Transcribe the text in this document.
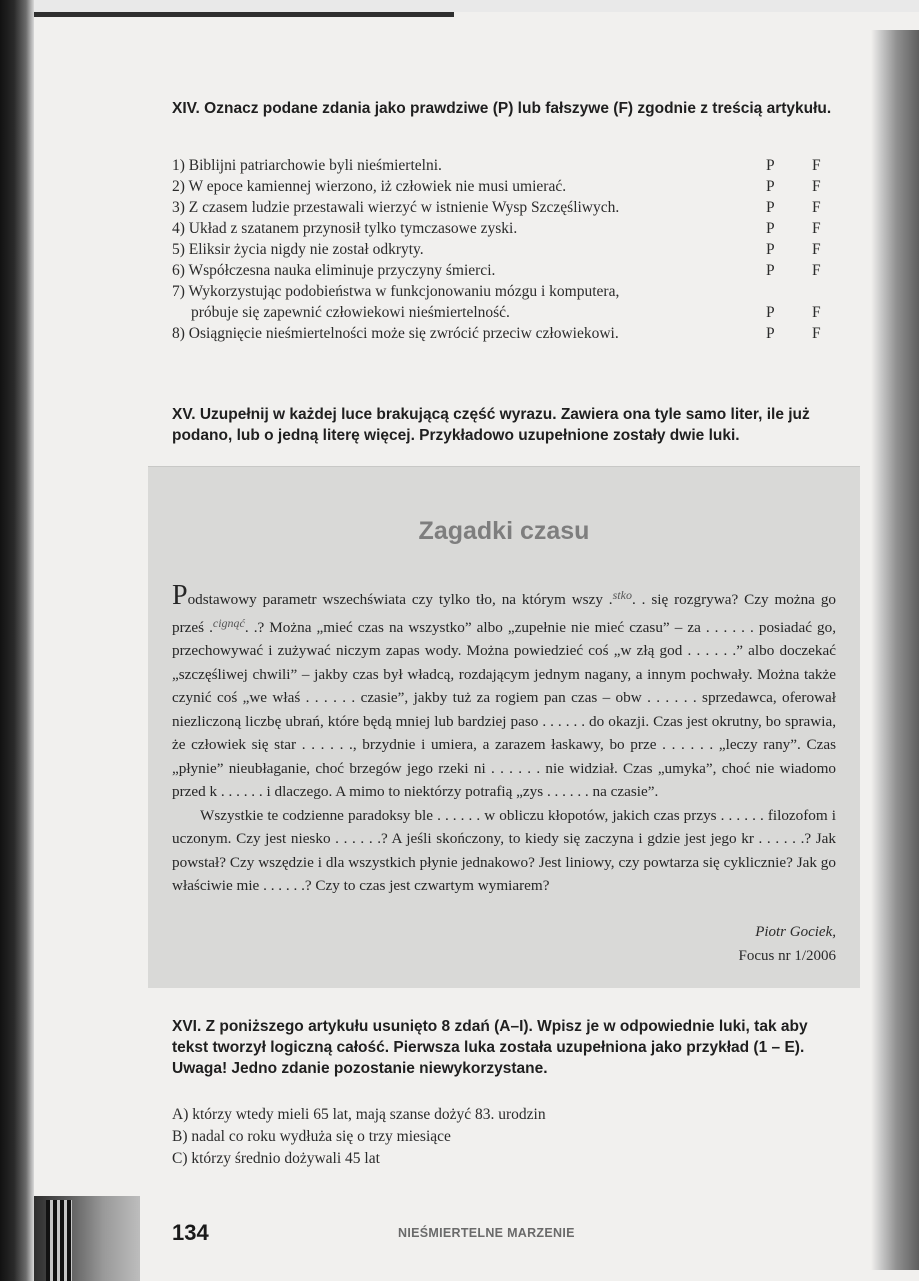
XIV. Oznacz podane zdania jako prawdziwe (P) lub fałszywe (F) zgodnie z treścią artykułu.
1) Biblijni patriarchowie byli nieśmiertelni.	P F
2) W epoce kamiennej wierzono, iż człowiek nie musi umierać.	P F
3) Z czasem ludzie przestawali wierzyć w istnienie Wysp Szczęśliwych.	P F
4) Układ z szatanem przynosił tylko tymczasowe zyski.	P F
5) Eliksir życia nigdy nie został odkryty.	P F
6) Współczesna nauka eliminuje przyczyny śmierci.	P F
7) Wykorzystując podobieństwa w funkcjonowaniu mózgu i komputera,
próbuje się zapewnić człowiekowi nieśmiertelność.	P F
8) Osiągnięcie nieśmiertelności może się zwrócić przeciw człowiekowi.	P F
XV. Uzupełnij w każdej luce brakującą część wyrazu. Zawiera ona tyle samo liter, ile już podano, lub o jedną literę więcej. Przykładowo uzupełnione zostały dwie luki.
Zagadki czasu

Podstawowy parametr wszechświata czy tylko tło, na którym wszy .$^{stko}$. . się rozgrywa? Czy można go prześ .$^{cignąć}$. .? Można „mieć czas na wszystko” albo „zupełnie nie mieć czasu” – za . . . . . . posiadać go, przechowywać i zużywać niczym zapas wody. Można powiedzieć coś „w złą god . . . . . .” albo doczekać „szczęśliwej chwili” – jakby czas był władcą, rozdającym jednym nagany, a innym pochwały. Można także czynić coś „we właś . . . . . . czasie”, jakby tuż za rogiem pan czas – obw . . . . . . sprzedawca, oferował niezliczoną liczbę ubrań, które będą mniej lub bardziej paso . . . . . . do okazji. Czas jest okrutny, bo sprawia, że człowiek się star . . . . . ., brzydnie i umiera, a zarazem łaskawy, bo prze . . . . . . „leczy rany”. Czas „płynie” nieubłaganie, choć brzegów jego rzeki ni . . . . . . nie widział. Czas „umyka”, choć nie wiadomo przed k . . . . . . i dlaczego. A mimo to niektórzy potrafią „zys . . . . . . na czasie”.

Wszystkie te codzienne paradoksy ble . . . . . . w obliczu kłopotów, jakich czas przys . . . . . . filozofom i uczonym. Czy jest niesko . . . . . .? A jeśli skończony, to kiedy się zaczyna i gdzie jest jego kr . . . . . .? Jak powstał? Czy wszędzie i dla wszystkich płynie jednakowo? Jest liniowy, czy powtarza się cyklicznie? Jak go właściwie mie . . . . . .? Czy to czas jest czwartym wymiarem?

Piotr Gociek,
Focus nr 1/2006
XVI. Z poniższego artykułu usunięto 8 zdań (A–I). Wpisz je w odpowiednie luki, tak aby tekst tworzył logiczną całość. Pierwsza luka została uzupełniona jako przykład (1 – E). Uwaga! Jedno zdanie pozostanie niewykorzystane.
A) którzy wtedy mieli 65 lat, mają szanse dożyć 83. urodzin
B) nadal co roku wydłuża się o trzy miesiące
C) którzy średnio dożywali 45 lat
134	NIEŚMIERTELNE MARZENIE
